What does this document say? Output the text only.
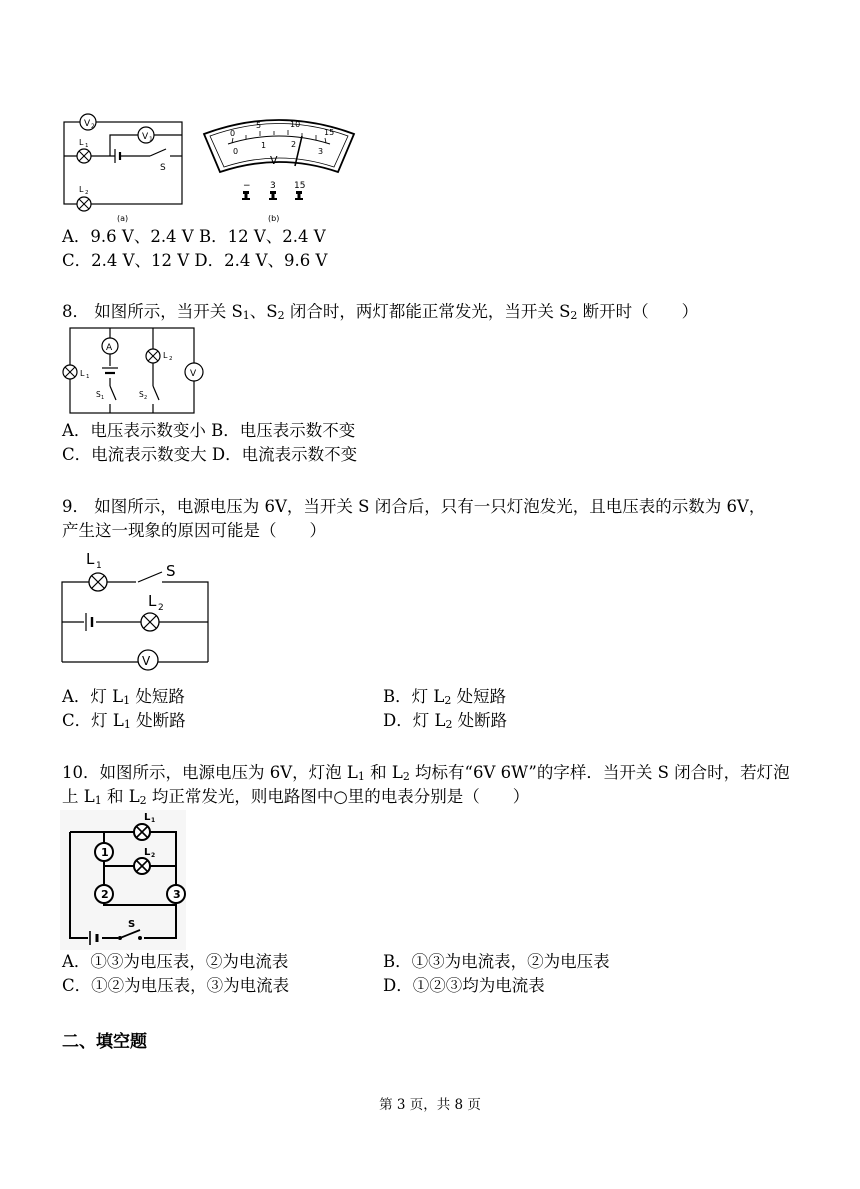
V 2
V 1
L 1
S
L 2
(a)
0
5	10
15
0
1	2
3
V
− 3 15
(b)
A．9.6 V、2.4 V B．12 V、2.4 V
C．2.4 V、12 V D．2.4 V、9.6 V
8． 如图所示，当开关 $S_1$、$S_2$ 闭合时，两灯都能正常发光，当开关 $S_2$ 断开时（　　）
L 1
A
S 1
L 2
S 2
V
A．电压表示数变小 B．电压表示数不变
C．电流表示数变大 D．电流表示数不变
9． 如图所示，电源电压为 6V，当开关 S 闭合后，只有一只灯泡发光，且电压表的示数为 6V，
产生这一现象的原因可能是（　　）
L 1	S
L 2
V
A．灯 $L_1$ 处短路	B．灯 $L_2$ 处短路
C．灯 $L_1$ 处断路	D．灯 $L_2$ 处断路
10．如图所示，电源电压为 6V，灯泡 $L_1$ 和 $L_2$ 均标有“6V 6W”的字样．当开关 S 闭合时，若灯泡
上 $L_1$ 和 $L_2$ 均正常发光，则电路图中○里的电表分别是（　　）
L 1
1	L 2
2	3
S
A．①③为电压表，②为电流表	B．①③为电流表，②为电压表
C．①②为电压表，③为电流表	D．①②③均为电流表
二、填空题
第 3 页，共 8 页
